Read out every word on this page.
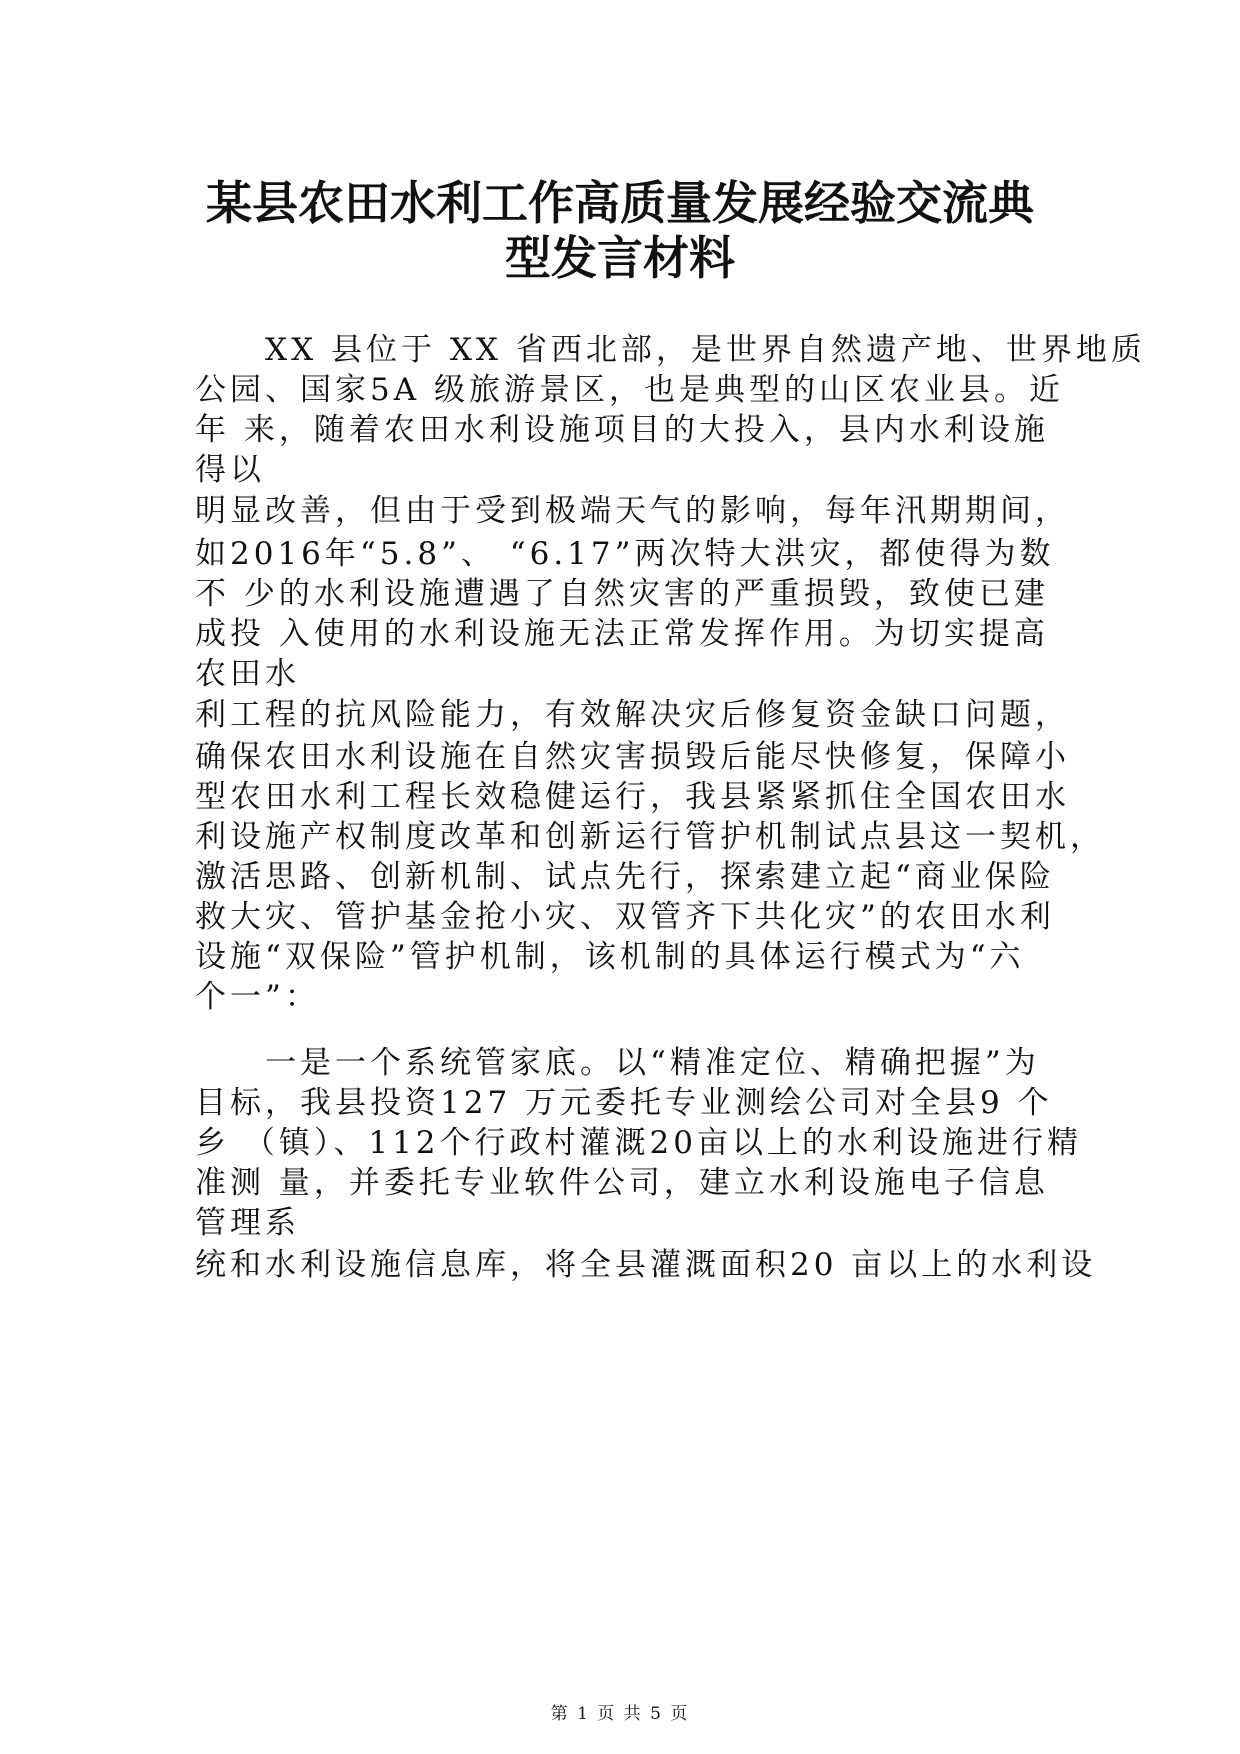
某县农田水利工作高质量发展经验交流典
型发言材料

　　XX 县位于 XX 省西北部，是世界自然遗产地、世界地质

公园、国家5A 级旅游景区，也是典型的山区农业县。近

年 来，随着农田水利设施项目的大投入，县内水利设施

得以

明显改善，但由于受到极端天气的影响，每年汛期期间，

如2016年“5.8”、 “6.17”两次特大洪灾，都使得为数

不 少的水利设施遭遇了自然灾害的严重损毁，致使已建

成投 入使用的水利设施无法正常发挥作用。为切实提高

农田水

利工程的抗风险能力，有效解决灾后修复资金缺口问题，

确保农田水利设施在自然灾害损毁后能尽快修复，保障小

型农田水利工程长效稳健运行，我县紧紧抓住全国农田水

利设施产权制度改革和创新运行管护机制试点县这一契机，

激活思路、创新机制、试点先行，探索建立起“商业保险

救大灾、管护基金抢小灾、双管齐下共化灾”的农田水利

设施“双保险”管护机制，该机制的具体运行模式为“六

个一”：

　　一是一个系统管家底。以“精准定位、精确把握”为

目标，我县投资127 万元委托专业测绘公司对全县9 个

乡 （镇）、112个行政村灌溉20亩以上的水利设施进行精

准测 量，并委托专业软件公司，建立水利设施电子信息

管理系

统和水利设施信息库，将全县灌溉面积20 亩以上的水利设

第 1 页 共 5 页
